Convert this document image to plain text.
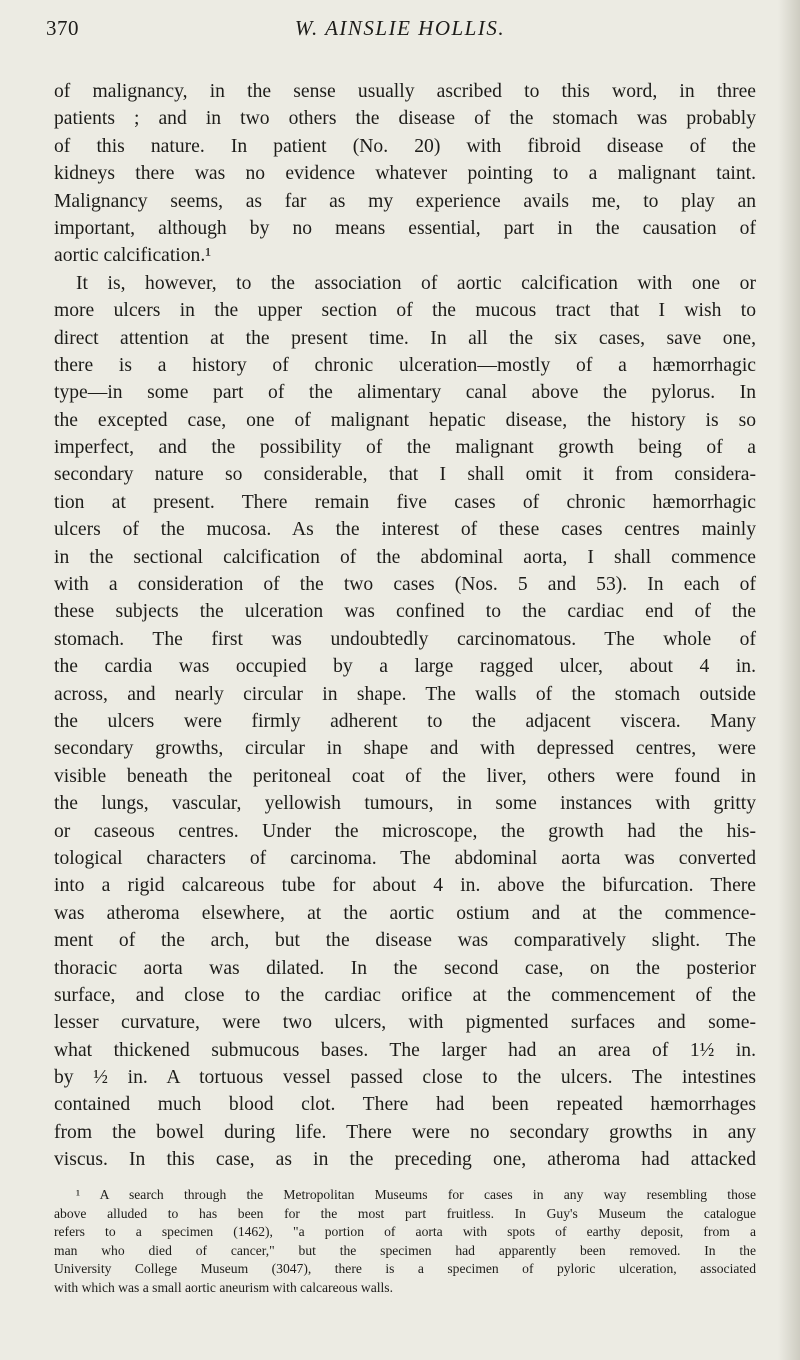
370	W. AINSLIE HOLLIS.
of malignancy, in the sense usually ascribed to this word, in three
patients ; and in two others the disease of the stomach was probably
of this nature. In patient (No. 20) with fibroid disease of the
kidneys there was no evidence whatever pointing to a malignant taint.
Malignancy seems, as far as my experience avails me, to play an
important, although by no means essential, part in the causation of
aortic calcification.¹
It is, however, to the association of aortic calcification with one or
more ulcers in the upper section of the mucous tract that I wish to
direct attention at the present time. In all the six cases, save one,
there is a history of chronic ulceration—mostly of a hæmorrhagic
type—in some part of the alimentary canal above the pylorus. In
the excepted case, one of malignant hepatic disease, the history is so
imperfect, and the possibility of the malignant growth being of a
secondary nature so considerable, that I shall omit it from considera-
tion at present. There remain five cases of chronic hæmorrhagic
ulcers of the mucosa. As the interest of these cases centres mainly
in the sectional calcification of the abdominal aorta, I shall commence
with a consideration of the two cases (Nos. 5 and 53). In each of
these subjects the ulceration was confined to the cardiac end of the
stomach. The first was undoubtedly carcinomatous. The whole of
the cardia was occupied by a large ragged ulcer, about 4 in.
across, and nearly circular in shape. The walls of the stomach outside
the ulcers were firmly adherent to the adjacent viscera. Many
secondary growths, circular in shape and with depressed centres, were
visible beneath the peritoneal coat of the liver, others were found in
the lungs, vascular, yellowish tumours, in some instances with gritty
or caseous centres. Under the microscope, the growth had the his-
tological characters of carcinoma. The abdominal aorta was converted
into a rigid calcareous tube for about 4 in. above the bifurcation. There
was atheroma elsewhere, at the aortic ostium and at the commence-
ment of the arch, but the disease was comparatively slight. The
thoracic aorta was dilated. In the second case, on the posterior
surface, and close to the cardiac orifice at the commencement of the
lesser curvature, were two ulcers, with pigmented surfaces and some-
what thickened submucous bases. The larger had an area of 1½ in.
by ½ in. A tortuous vessel passed close to the ulcers. The intestines
contained much blood clot. There had been repeated hæmorrhages
from the bowel during life. There were no secondary growths in any
viscus. In this case, as in the preceding one, atheroma had attacked
¹ A search through the Metropolitan Museums for cases in any way resembling those
above alluded to has been for the most part fruitless. In Guy's Museum the catalogue
refers to a specimen (1462), "a portion of aorta with spots of earthy deposit, from a
man who died of cancer," but the specimen had apparently been removed. In the
University College Museum (3047), there is a specimen of pyloric ulceration, associated
with which was a small aortic aneurism with calcareous walls.
